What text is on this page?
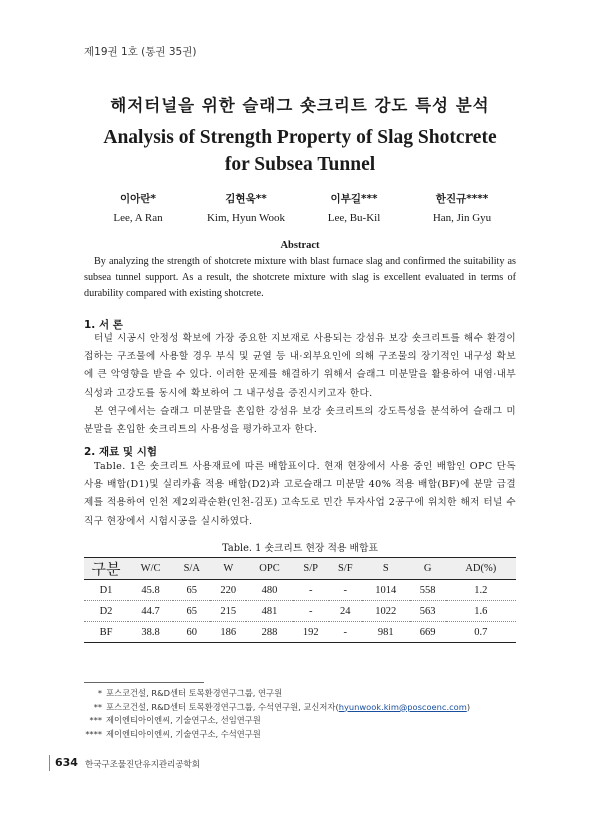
제19권 1호 (통권 35권)
해저터널을 위한 슬래그 숏크리트 강도 특성 분석
Analysis of Strength Property of Slag Shotcrete
for Subsea Tunnel
이아란*
Lee, A Ran
김현욱**
Kim, Hyun Wook
이부길***
Lee, Bu-Kil
한진규****
Han, Jin Gyu
Abstract
By analyzing the strength of shotcrete mixture with blast furnace slag and confirmed the suitability as subsea tunnel support. As a result, the shotcrete mixture with slag is excellent evaluated in terms of durability compared with existing shotcrete.
1. 서 론

터널 시공시 안정성 확보에 가장 중요한 지보재로 사용되는 강섬유 보강 숏크리트를 해수 환경이 접하는 구조물에 사용할 경우 부식 및 균열 등 내·외부요인에 의해 구조물의 장기적인 내구성 확보에 큰 악영향을 받을 수 있다. 이러한 문제를 해결하기 위해서 슬래그 미분말을 활용하여 내염·내부식성과 고강도를 동시에 확보하여 그 내구성을 증진시키고자 한다.

본 연구에서는 슬래그 미분말을 혼입한 강섬유 보강 숏크리트의 강도특성을 분석하여 슬래그 미분말을 혼입한 숏크리트의 사용성을 평가하고자 한다.

2. 재료 및 시험

Table. 1은 숏크리트 사용재료에 따른 배합표이다. 현재 현장에서 사용 중인 배합인 OPC 단독 사용 배합(D1)및 실리카흄 적용 배합(D2)과 고로슬래그 미분말 40% 적용 배합(BF)에 분말 급결제를 적용하여 인천 제2외곽순환(인천-김포) 고속도로 민간 투자사업 2공구에 위치한 해저 터널 수직구 현장에서 시험시공을 실시하였다.

Table. 1 숏크리트 현장 적용 배합표
구분	W/C	S/A	W	OPC	S/P	S/F	S	G	AD(%)
D1	45.8	65	220	480	-	-	1014	558	1.2
D2	44.7	65	215	481	-	24	1022	563	1.6
BF	38.8	60	186	288	192	-	981	669	0.7
* 포스코건설, R&D센터 토목환경연구그룹, 연구원
** 포스코건설, R&D센터 토목환경연구그룹, 수석연구원, 교신저자(hyunwook.kim@poscoenc.com)
*** 제이엔티아이엔씨, 기술연구소, 선임연구원
**** 제이엔티아이엔씨, 기술연구소, 수석연구원
634 한국구조물진단유지관리공학회
